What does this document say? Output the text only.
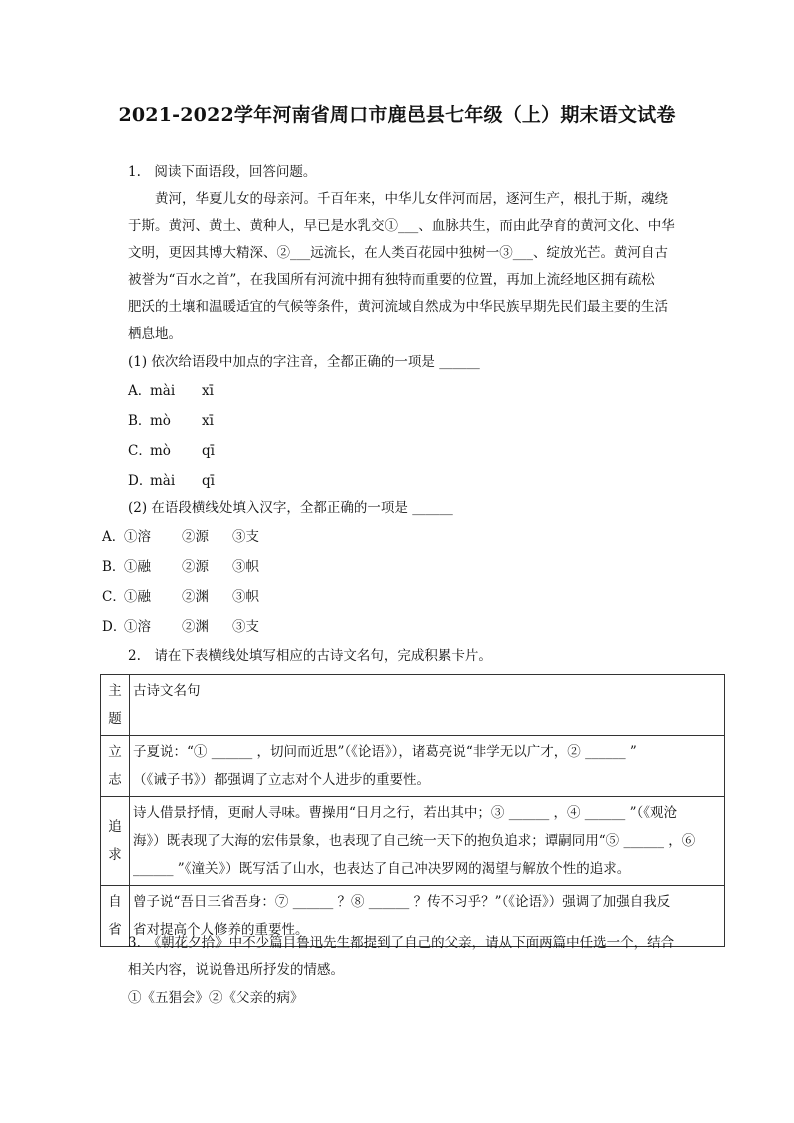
2021-2022学年河南省周口市鹿邑县七年级（上）期末语文试卷
1.　阅读下面语段，回答问题。
　　黄河，华夏儿女的母亲河。千百年来，中华儿女伴河而居，逐河生产，根扎于斯，魂绕
于斯。黄河、黄土、黄种人，早已是水乳交①___、血脉共生，而由此孕育的黄河文化、中华
文明，更因其博大精深、②___远流长，在人类百花园中独树一③___、绽放光芒。黄河自古
被誉为“百水之首”，在我国所有河流中拥有独特而重要的位置，再加上流经地区拥有疏松
肥沃的土壤和温暖适宜的气候等条件，黄河流域自然成为中华民族早期先民们最主要的生活
栖息地。
(1) 依次给语段中加点的字注音，全都正确的一项是 ______
A．mài xī
B．mò xī
C．mò qī
D．mài qī
(2) 在语段横线处填入汉字，全都正确的一项是 ______
A．①溶 ②源 ③支
B．①融 ②源 ③帜
C．①融 ②渊 ③帜
D．①溶 ②渊 ③支
2.　请在下表横线处填写相应的古诗文名句，完成积累卡片。
主题	古诗文名句
立志	子夏说：“① ______ ，切问而近思”（《论语》），诸葛亮说“非学无以广才，② ______ ”
（《诫子书》）都强调了立志对个人进步的重要性。

追求	诗人借景抒情，更耐人寻味。曹操用“日月之行，若出其中；③ ______ ，④ ______ ”（《观沧
海》）既表现了大海的宏伟景象，也表现了自己统一天下的抱负追求；谭嗣同用“⑤ ______ ，⑥
______ ”《潼关》）既写活了山水，也表达了自己冲决罗网的渴望与解放个性的追求。

自省	曾子说“吾日三省吾身：⑦ ______ ？⑧ ______ ？传不习乎？”（《论语》）强调了加强自我反
省对提高个人修养的重要性。
3.　《朝花夕拾》中不少篇目鲁迅先生都提到了自己的父亲，请从下面两篇中任选一个，结合
相关内容，说说鲁迅所抒发的情感。
①《五猖会》②《父亲的病》
